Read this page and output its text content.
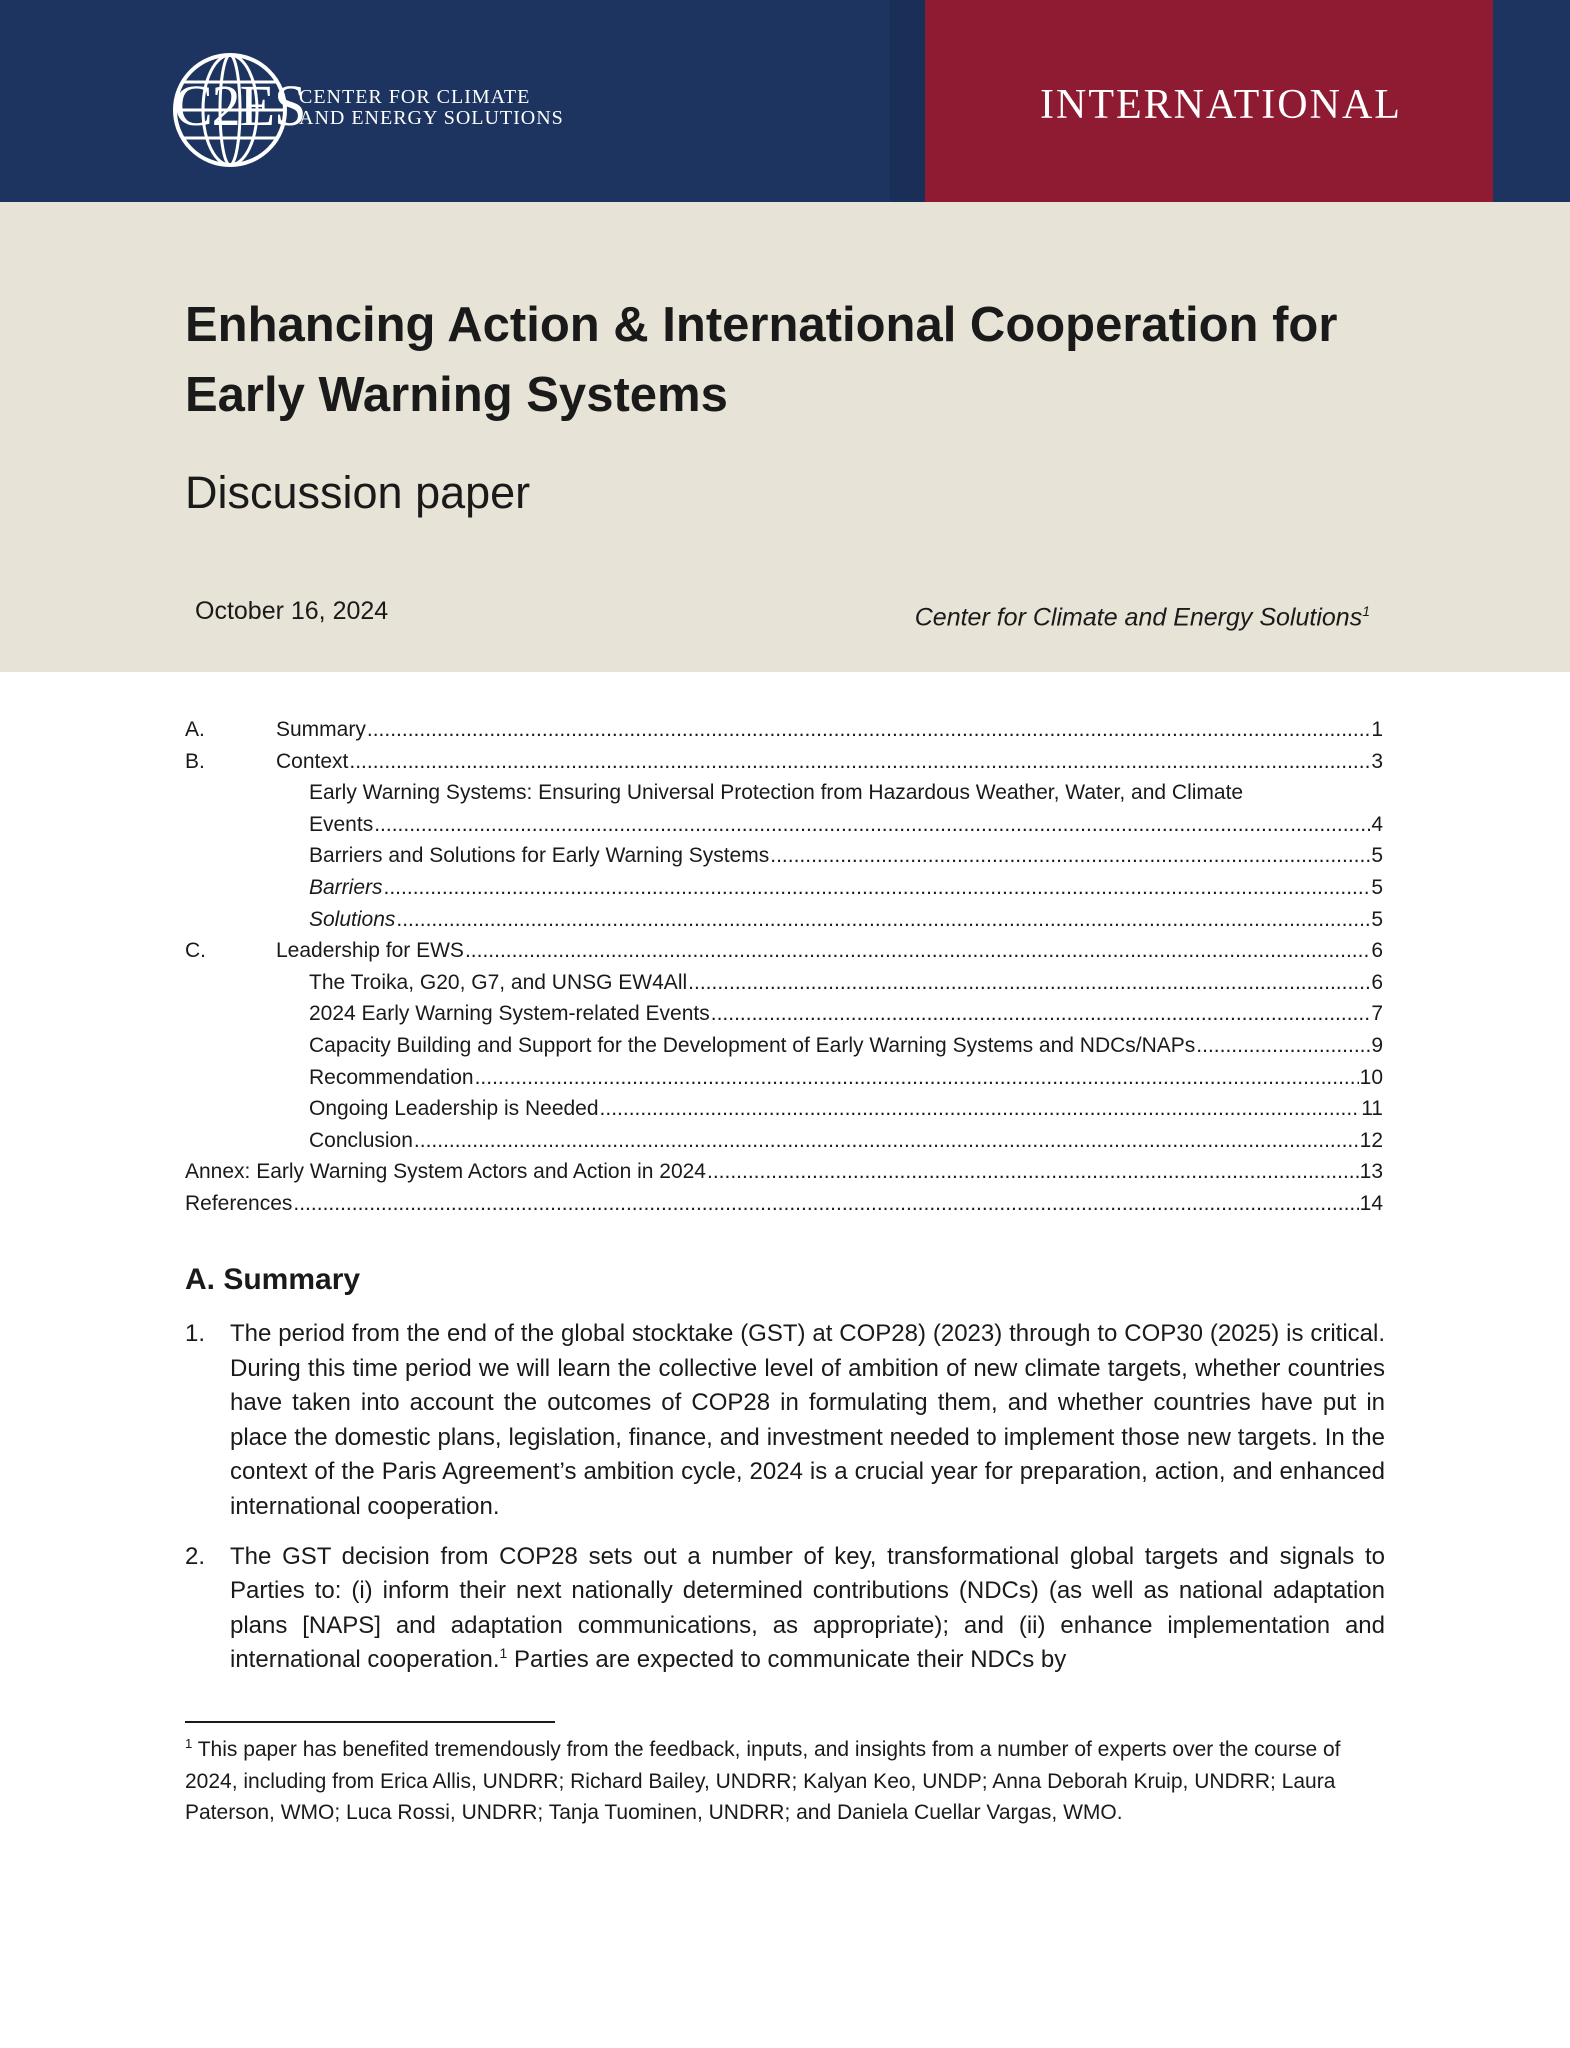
C2ES
CENTER FOR CLIMATE
AND ENERGY SOLUTIONS	INTERNATIONAL
Enhancing Action & International Cooperation for
Early Warning Systems
Discussion paper
October 16, 2024	Center for Climate and Energy Solutions$^1$
A.	Summary .....	1
B.	Context .....	3
Early Warning Systems: Ensuring Universal Protection from Hazardous Weather, Water, and Climate
Events .....	4
Barriers and Solutions for Early Warning Systems .....	5
Barriers .....	5
Solutions .....	5
C.	Leadership for EWS .....	6
The Troika, G20, G7, and UNSG EW4All .....	6
2024 Early Warning System-related Events .....	7
Capacity Building and Support for the Development of Early Warning Systems and NDCs/NAPs .....	9
Recommendation .....	10
Ongoing Leadership is Needed .....	11
Conclusion .....	12
Annex: Early Warning System Actors and Action in 2024 .....	13
References .....	14
A. Summary
1. The period from the end of the global stocktake (GST) at COP28) (2023) through to COP30 (2025) is critical. During this time period we will learn the collective level of ambition of new climate targets, whether countries have taken into account the outcomes of COP28 in formulating them, and whether countries have put in place the domestic plans, legislation, finance, and investment needed to implement those new targets. In the context of the Paris Agreement’s ambition cycle, 2024 is a crucial year for preparation, action, and enhanced international cooperation.
2. The GST decision from COP28 sets out a number of key, transformational global targets and signals to Parties to: (i) inform their next nationally determined contributions (NDCs) (as well as national adaptation plans [NAPS] and adaptation communications, as appropriate); and (ii) enhance implementation and international cooperation.$^1$ Parties are expected to communicate their NDCs by
$^1$ This paper has benefited tremendously from the feedback, inputs, and insights from a number of experts over the course of 2024, including from Erica Allis, UNDRR; Richard Bailey, UNDRR; Kalyan Keo, UNDP; Anna Deborah Kruip, UNDRR; Laura Paterson, WMO; Luca Rossi, UNDRR; Tanja Tuominen, UNDRR; and Daniela Cuellar Vargas, WMO.
